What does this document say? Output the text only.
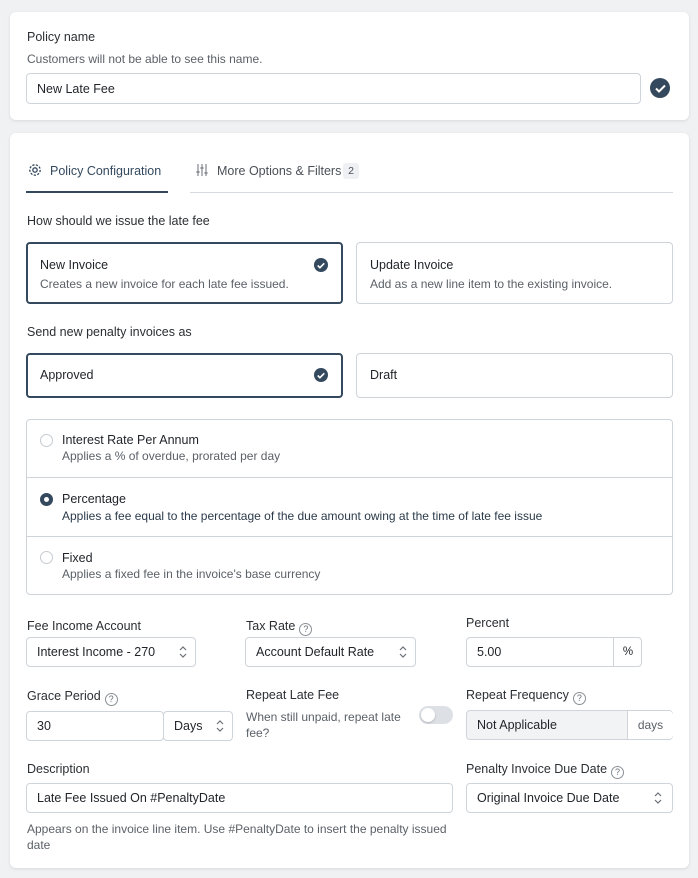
Policy name
Customers will not be able to see this name.
New Late Fee
Policy Configuration	More Options & Filters 2
How should we issue the late fee
New Invoice
Creates a new invoice for each late fee issued.
Update Invoice
Add as a new line item to the existing invoice.
Send new penalty invoices as
Approved	Draft
Interest Rate Per Annum
Applies a % of overdue, prorated per day
Percentage
Applies a fee equal to the percentage of the due amount owing at the time of late fee issue
Fixed
Applies a fixed fee in the invoice's base currency
Fee Income Account
Interest Income - 270
Tax Rate ?
Account Default Rate
Percent
5.00	%
Grace Period ?
30	Days
Repeat Late Fee
When still unpaid, repeat late fee?
Repeat Frequency ?
Not Applicable	days
Description
Late Fee Issued On #PenaltyDate
Appears on the invoice line item. Use #PenaltyDate to insert the penalty issued date
Penalty Invoice Due Date ?
Original Invoice Due Date
